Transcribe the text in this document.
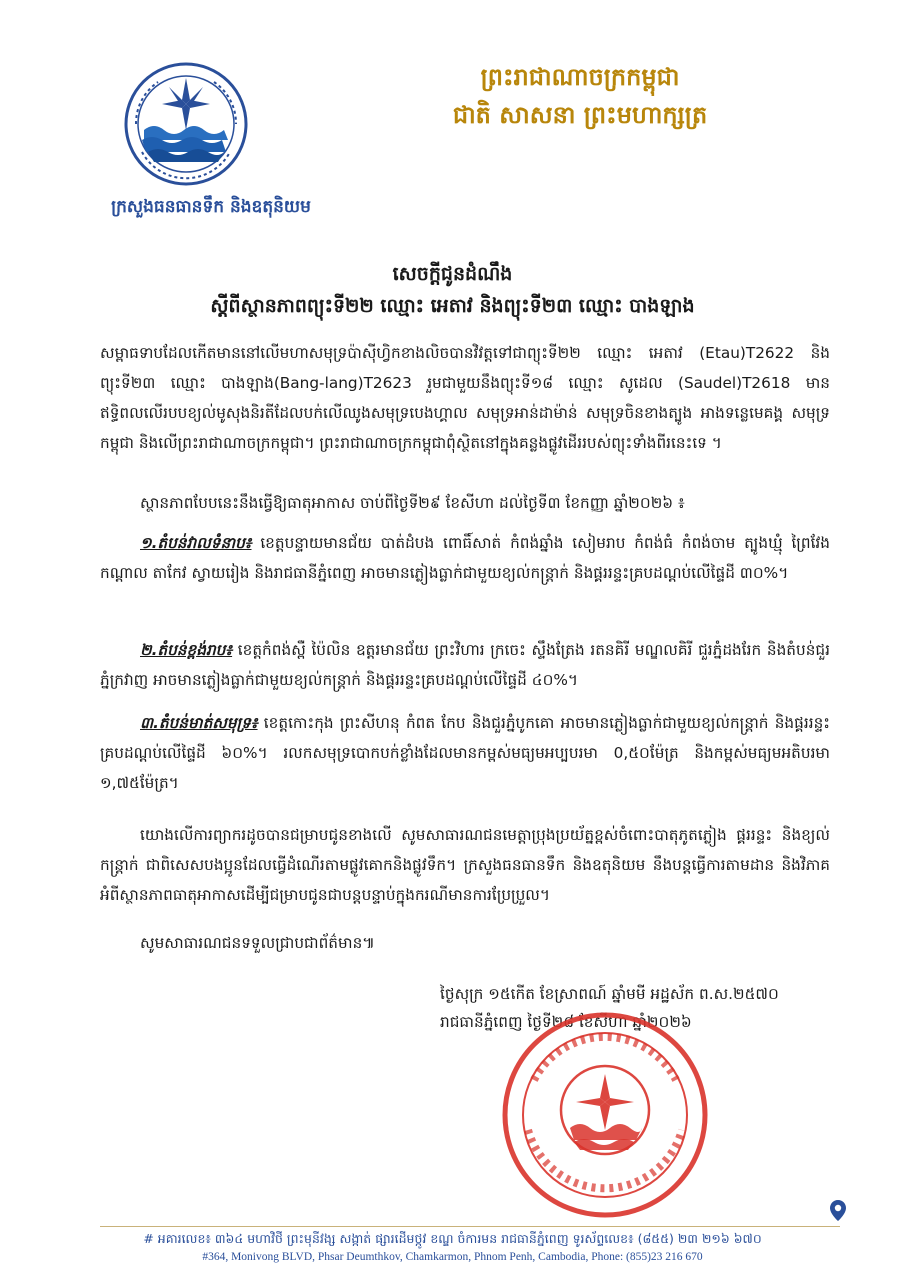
ក្រសួងធនធានទឹក និងឧតុនិយម
ព្រះរាជាណាចក្រកម្ពុជា
ជាតិ សាសនា ព្រះមហាក្សត្រ
សេចក្តីជូនដំណឹង
ស្តីពីស្ថានភាពព្យុះទី២២ ឈ្មោះ អេតាវ និងព្យុះទី២៣ ឈ្មោះ បាងឡាង

សម្ពាធទាបដែលកើតមាននៅលើមហាសមុទ្រប៉ាស៊ីហ្វិកខាងលិចបានវិវត្តទៅជាព្យុះទី២២ ឈ្មោះ អេតាវ (Etau)T2622 និងព្យុះទី២៣ ឈ្មោះ បាងឡាង(Bang-lang)T2623 រួមជាមួយនឹងព្យុះទី១៨ ឈ្មោះ សូដេល (Saudel)T2618 មានឥទ្ធិពលលើរបបខ្យល់មូសុងនិរតីដែលបក់លើឈូងសមុទ្របេងហ្គាល សមុទ្រអាន់ដាម៉ាន់ សមុទ្រចិនខាងត្បូង អាងទន្លេមេគង្គ សមុទ្រកម្ពុជា និងលើព្រះរាជាណាចក្រកម្ពុជា។ ព្រះរាជាណាចក្រកម្ពុជាពុំស្ថិតនៅក្នុងគន្លងផ្លូវដើររបស់ព្យុះទាំងពីរនេះទេ ។

ស្ថានភាពបែបនេះនឹងធ្វើឱ្យធាតុអាកាស ចាប់ពីថ្ងៃទី២៩ ខែសីហា ដល់ថ្ងៃទី៣ ខែកញ្ញា ឆ្នាំ២០២៦ ៖

១.តំបន់វាលទំនាប៖ ខេត្តបន្ទាយមានជ័យ បាត់ដំបង ពោធិ៍សាត់ កំពង់ឆ្នាំង សៀមរាប កំពង់ធំ កំពង់ចាម ត្បូងឃ្មុំ ព្រៃវែង កណ្តាល តាកែវ ស្វាយរៀង និងរាជធានីភ្នំពេញ អាចមានភ្លៀងធ្លាក់ជាមួយខ្យល់កន្ត្រាក់ និងផ្គររន្ទះគ្របដណ្តប់លើផ្ទៃដី ៣០%។

២.តំបន់ខ្ពង់រាប៖ ខេត្តកំពង់ស្ពឺ ប៉ៃលិន ឧត្តរមានជ័យ ព្រះវិហារ ក្រចេះ ស្ទឹងត្រែង រតនគិរី មណ្ឌលគិរី ជួរភ្នំដងរែក និងតំបន់ជួរភ្នំក្រវាញ អាចមានភ្លៀងធ្លាក់ជាមួយខ្យល់កន្ត្រាក់ និងផ្គររន្ទះគ្របដណ្តប់លើផ្ទៃដី ៤០%។

៣.តំបន់មាត់សមុទ្រ៖ ខេត្តកោះកុង ព្រះសីហនុ កំពត កែប និងជួរភ្នំបូកគោ អាចមានភ្លៀងធ្លាក់ជាមួយខ្យល់កន្ត្រាក់ និងផ្គររន្ទះគ្របដណ្តប់លើផ្ទៃដី ៦០%។ រលកសមុទ្របោកបក់ខ្លាំងដែលមានកម្ពស់មធ្យមអប្បបរមា 0,៥០ម៉ែត្រ និងកម្ពស់មធ្យមអតិបរមា ១,៧៥ម៉ែត្រ។

យោងលើការព្យាករដូចបានជម្រាបជូនខាងលើ សូមសាធារណជនមេត្តាប្រុងប្រយ័ត្នខ្ពស់ចំពោះបាតុភូតភ្លៀង ផ្គររន្ទះ និងខ្យល់កន្ត្រាក់ ជាពិសេសបងប្អូនដែលធ្វើដំណើរតាមផ្លូវគោកនិងផ្លូវទឹក។ ក្រសួងធនធានទឹក និងឧតុនិយម នឹងបន្តធ្វើការតាមដាន និងវិភាគអំពីស្ថានភាពធាតុអាកាសដើម្បីជម្រាបជូនជាបន្តបន្ទាប់ក្នុងករណីមានការប្រែប្រួល។

សូមសាធារណជនទទួលជ្រាបជាព័ត៌មាន៕

ថ្ងៃសុក្រ ១៥កើត ខែស្រាពណ៍ ឆ្នាំមមី អដ្ឋស័ក ព.ស.២៥៧០
រាជធានីភ្នំពេញ ថ្ងៃទី២៨ ខែសីហា ឆ្នាំ២០២៦
# អគារលេខ៖ ៣៦៤ មហាវិថី ព្រះមុនីវង្ស សង្កាត់ ផ្សារដើមថ្កូវ ខណ្ឌ ចំការមន រាជធានីភ្នំពេញ ទូរស័ព្ទលេខ៖ (៨៥៥) ២៣ ២១៦ ៦៧០
#364, Monivong BLVD, Phsar Deumthkov, Chamkarmon, Phnom Penh, Cambodia, Phone: (855)23 216 670
